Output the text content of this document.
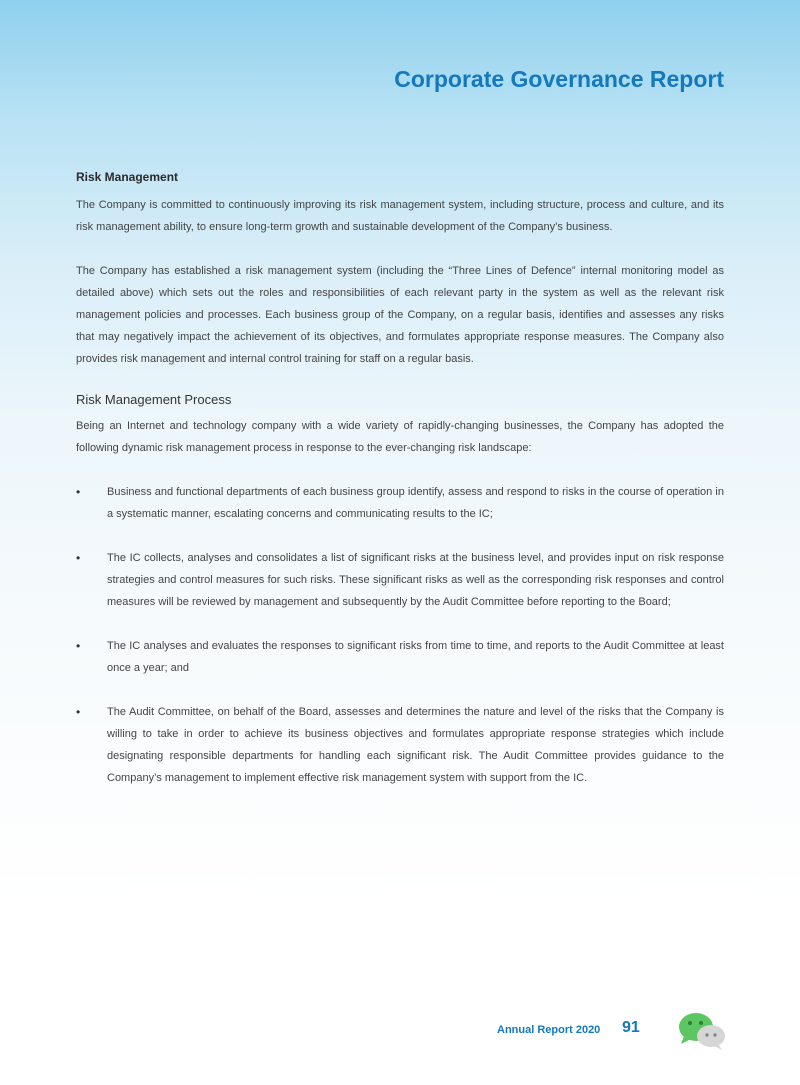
Corporate Governance Report
Risk Management

The Company is committed to continuously improving its risk management system, including structure, process and culture, and its risk management ability, to ensure long-term growth and sustainable development of the Company’s business.

The Company has established a risk management system (including the “Three Lines of Defence” internal monitoring model as detailed above) which sets out the roles and responsibilities of each relevant party in the system as well as the relevant risk management policies and processes. Each business group of the Company, on a regular basis, identifies and assesses any risks that may negatively impact the achievement of its objectives, and formulates appropriate response measures. The Company also provides risk management and internal control training for staff on a regular basis.

Risk Management Process

Being an Internet and technology company with a wide variety of rapidly-changing businesses, the Company has adopted the following dynamic risk management process in response to the ever-changing risk landscape:

• Business and functional departments of each business group identify, assess and respond to risks in the course of operation in a systematic manner, escalating concerns and communicating results to the IC;
• The IC collects, analyses and consolidates a list of significant risks at the business level, and provides input on risk response strategies and control measures for such risks. These significant risks as well as the corresponding risk responses and control measures will be reviewed by management and subsequently by the Audit Committee before reporting to the Board;
• The IC analyses and evaluates the responses to significant risks from time to time, and reports to the Audit Committee at least once a year; and
• The Audit Committee, on behalf of the Board, assesses and determines the nature and level of the risks that the Company is willing to take in order to achieve its business objectives and formulates appropriate response strategies which include designating responsible departments for handling each significant risk. The Audit Committee provides guidance to the Company’s management to implement effective risk management system with support from the IC.
Annual Report 2020 91
